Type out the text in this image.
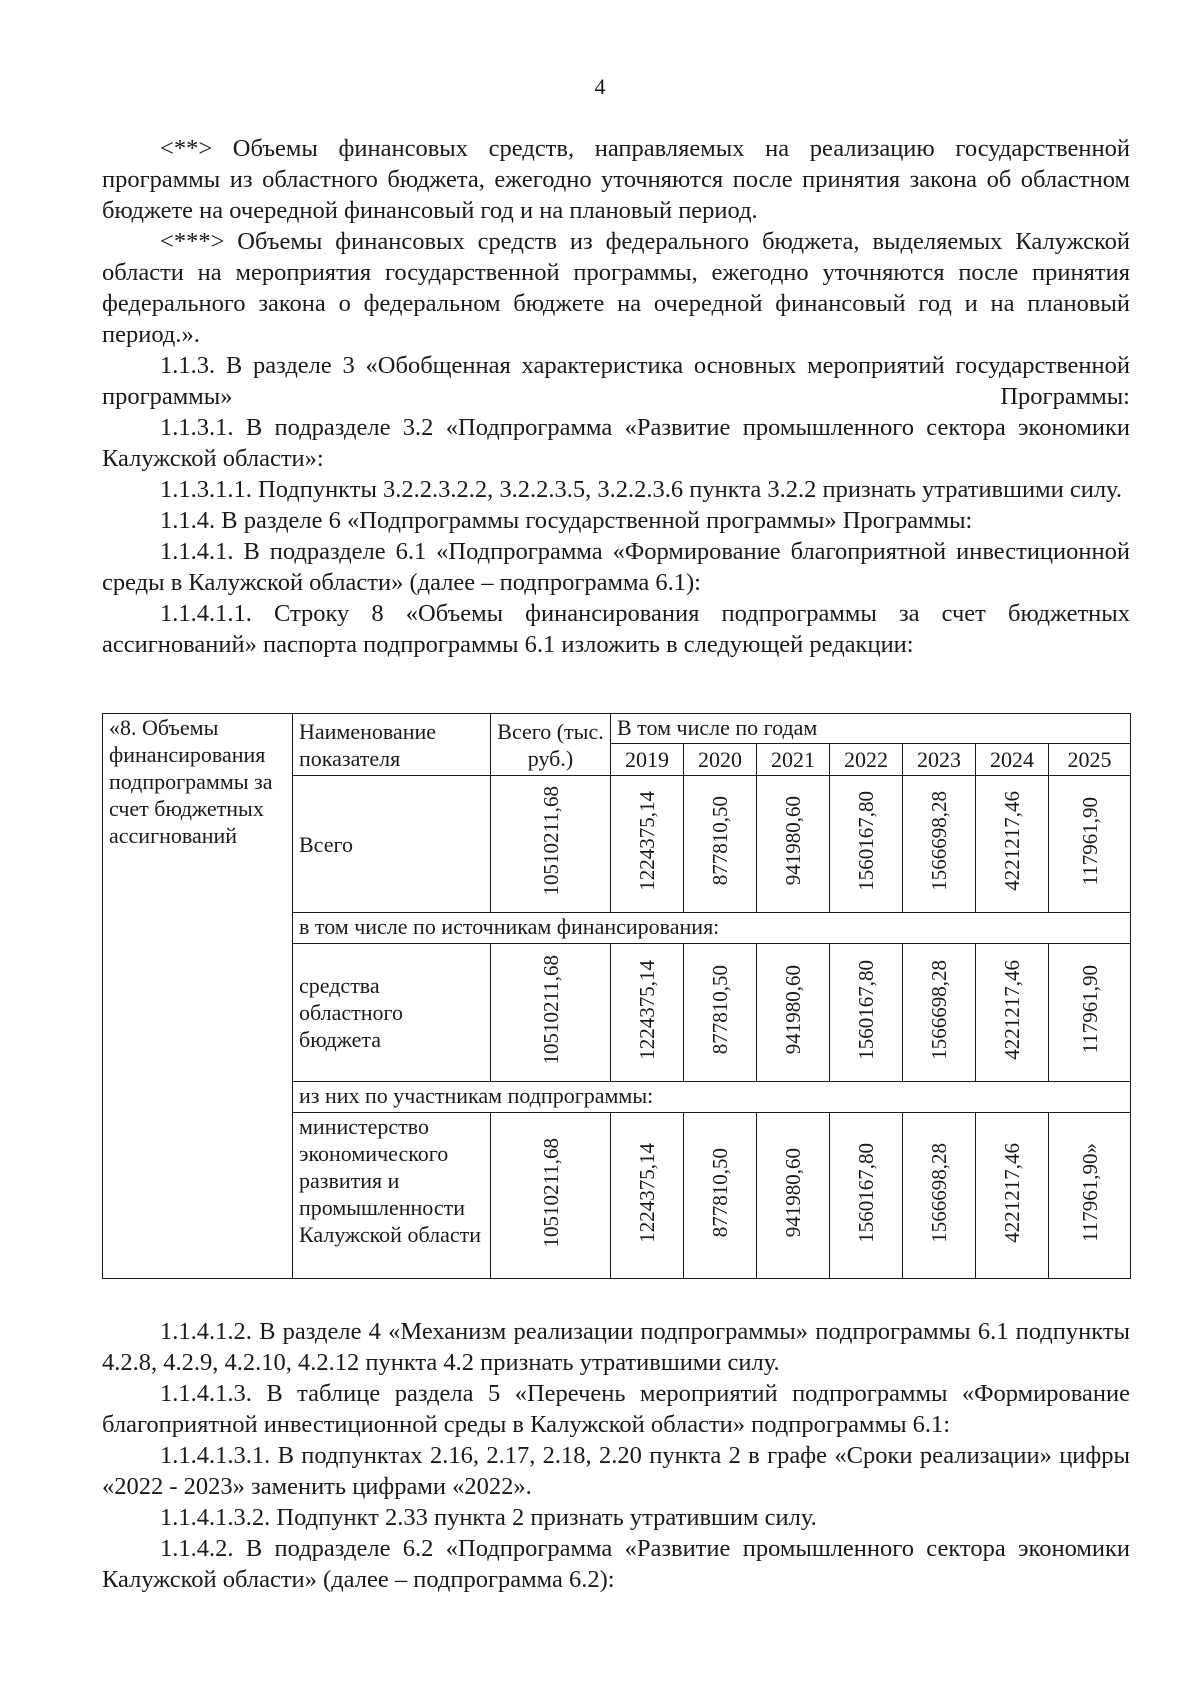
4

<**> Объемы финансовых средств, направляемых на реализацию государственной программы из областного бюджета, ежегодно уточняются после принятия закона об областном бюджете на очередной финансовый год и на плановый период.

<***> Объемы финансовых средств из федерального бюджета, выделяемых Калужской области на мероприятия государственной программы, ежегодно уточняются после принятия федерального закона о федеральном бюджете на очередной финансовый год и на плановый период.».

1.1.3. В разделе 3 «Обобщенная характеристика основных мероприятий государственной программы» Программы:

1.1.3.1. В подразделе 3.2 «Подпрограмма «Развитие промышленного сектора экономики Калужской области»:

1.1.3.1.1. Подпункты 3.2.2.3.2.2, 3.2.2.3.5, 3.2.2.3.6 пункта 3.2.2 признать утратившими силу.

1.1.4. В разделе 6 «Подпрограммы государственной программы» Программы:

1.1.4.1. В подразделе 6.1 «Подпрограмма «Формирование благоприятной инвестиционной среды в Калужской области» (далее – подпрограмма 6.1):

1.1.4.1.1. Строку 8 «Объемы финансирования подпрограммы за счет бюджетных ассигнований» паспорта подпрограммы 6.1 изложить в следующей редакции:

«8. Объемы финансирования подпрограммы за счет бюджетных ассигнований	Наименование показателя	Всего (тыс. руб.)	В том числе по годам						
			2019	2020	2021	2022	2023	2024	2025
	Всего	10510211,68	1224375,14	877810,50	941980,60	1560167,80	1566698,28	4221217,46	117961,90
	в том числе по источникам финансирования:								
	средства областного бюджета	10510211,68	1224375,14	877810,50	941980,60	1560167,80	1566698,28	4221217,46	117961,90
	из них по участникам подпрограммы:								
	министерство экономического развития и промышленности Калужской области	10510211,68	1224375,14	877810,50	941980,60	1560167,80	1566698,28	4221217,46	117961,90»

1.1.4.1.2. В разделе 4 «Механизм реализации подпрограммы» подпрограммы 6.1 подпункты 4.2.8, 4.2.9, 4.2.10, 4.2.12 пункта 4.2 признать утратившими силу.

1.1.4.1.3. В таблице раздела 5 «Перечень мероприятий подпрограммы «Формирование благоприятной инвестиционной среды в Калужской области» подпрограммы 6.1:

1.1.4.1.3.1. В подпунктах 2.16, 2.17, 2.18, 2.20 пункта 2 в графе «Сроки реализации» цифры «2022 - 2023» заменить цифрами «2022».

1.1.4.1.3.2. Подпункт 2.33 пункта 2 признать утратившим силу.

1.1.4.2. В подразделе 6.2 «Подпрограмма «Развитие промышленного сектора экономики Калужской области» (далее – подпрограмма 6.2):
